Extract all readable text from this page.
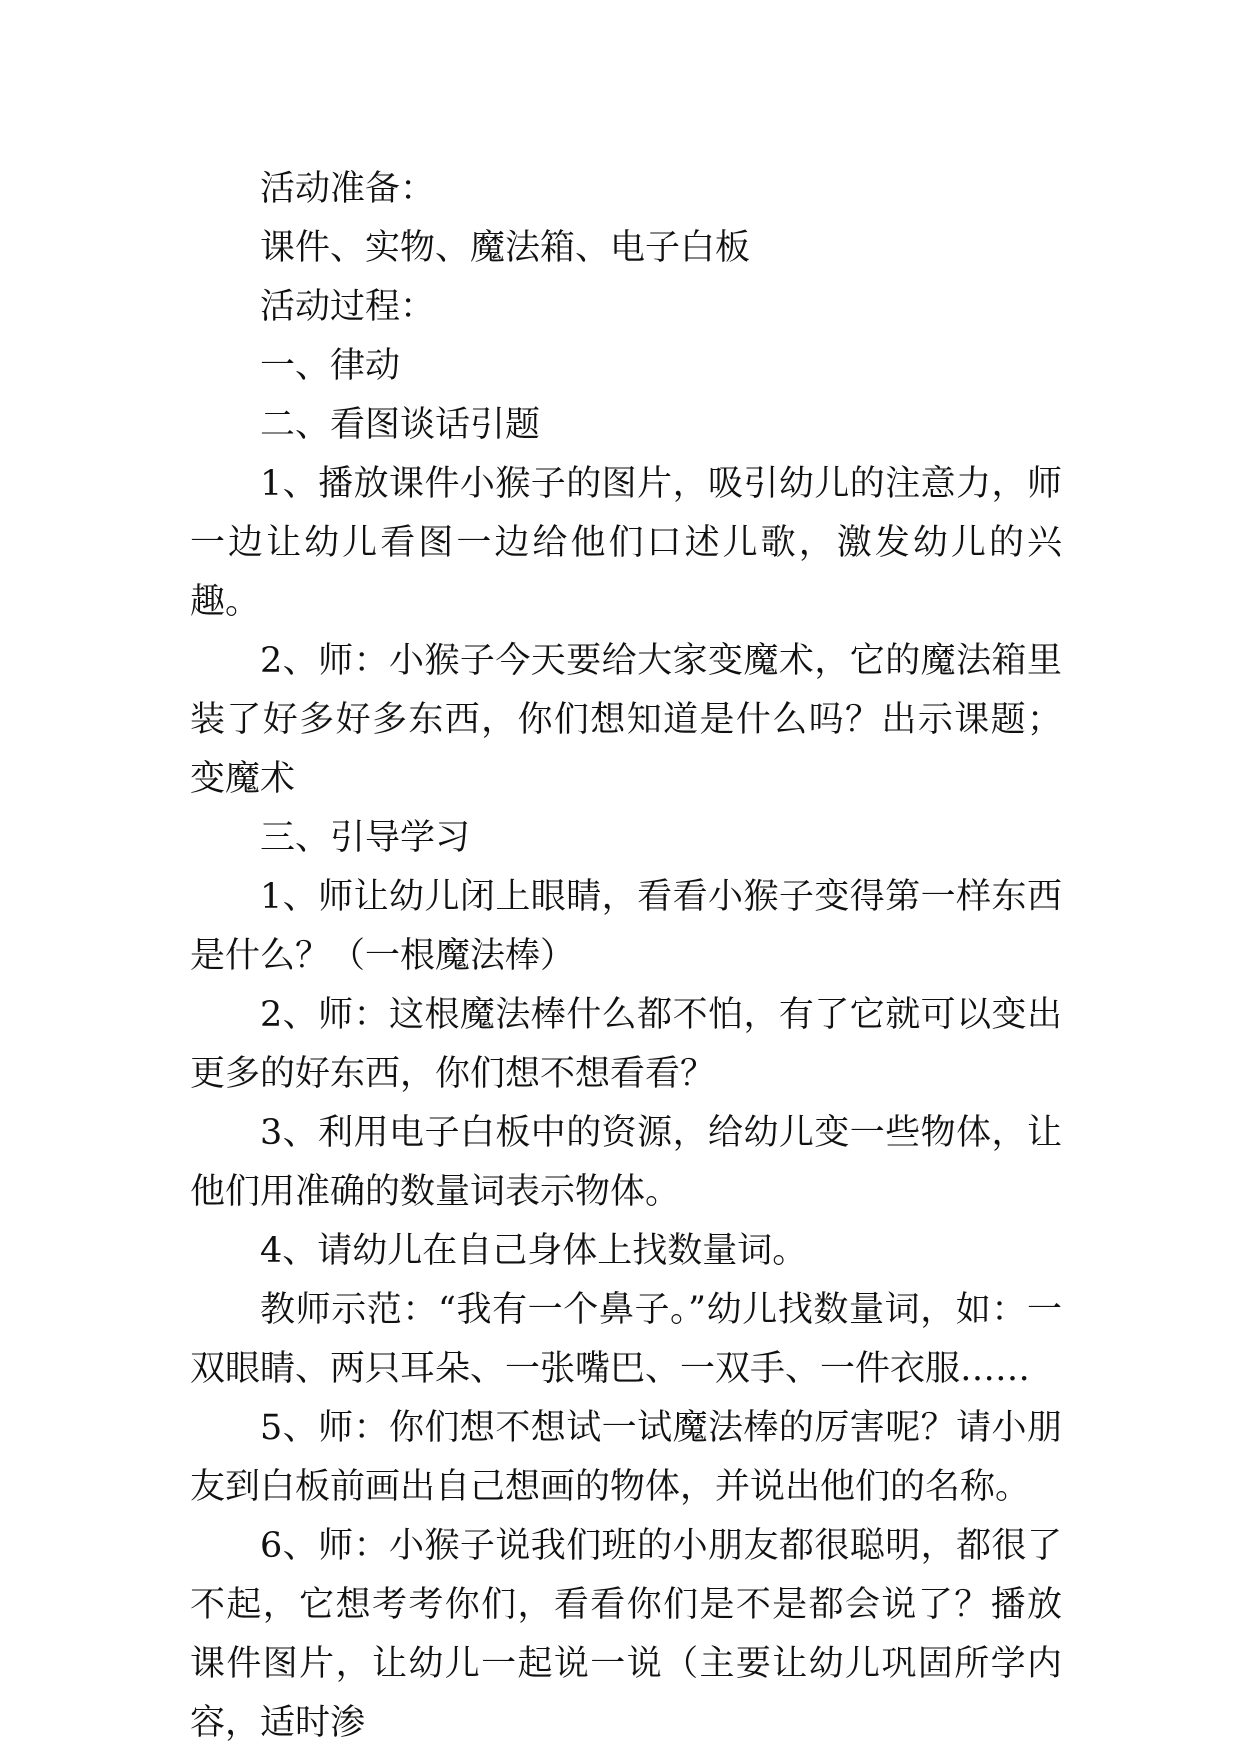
活动准备：

课件、实物、魔法箱、电子白板

活动过程：

一、律动

二、看图谈话引题

1、播放课件小猴子的图片，吸引幼儿的注意力，师一边让幼儿看图一边给他们口述儿歌，激发幼儿的兴趣。

2、师：小猴子今天要给大家变魔术，它的魔法箱里装了好多好多东西，你们想知道是什么吗？出示课题；变魔术

三、引导学习

1、师让幼儿闭上眼睛，看看小猴子变得第一样东西是什么？（一根魔法棒）

2、师：这根魔法棒什么都不怕，有了它就可以变出更多的好东西，你们想不想看看？

3、利用电子白板中的资源，给幼儿变一些物体，让他们用准确的数量词表示物体。

4、请幼儿在自己身体上找数量词。

教师示范：“我有一个鼻子。”幼儿找数量词，如：一双眼睛、两只耳朵、一张嘴巴、一双手、一件衣服……

5、师：你们想不想试一试魔法棒的厉害呢？请小朋友到白板前画出自己想画的物体，并说出他们的名称。

6、师：小猴子说我们班的小朋友都很聪明，都很了不起，它想考考你们，看看你们是不是都会说了？播放课件图片，让幼儿一起说一说（主要让幼儿巩固所学内容，适时渗
